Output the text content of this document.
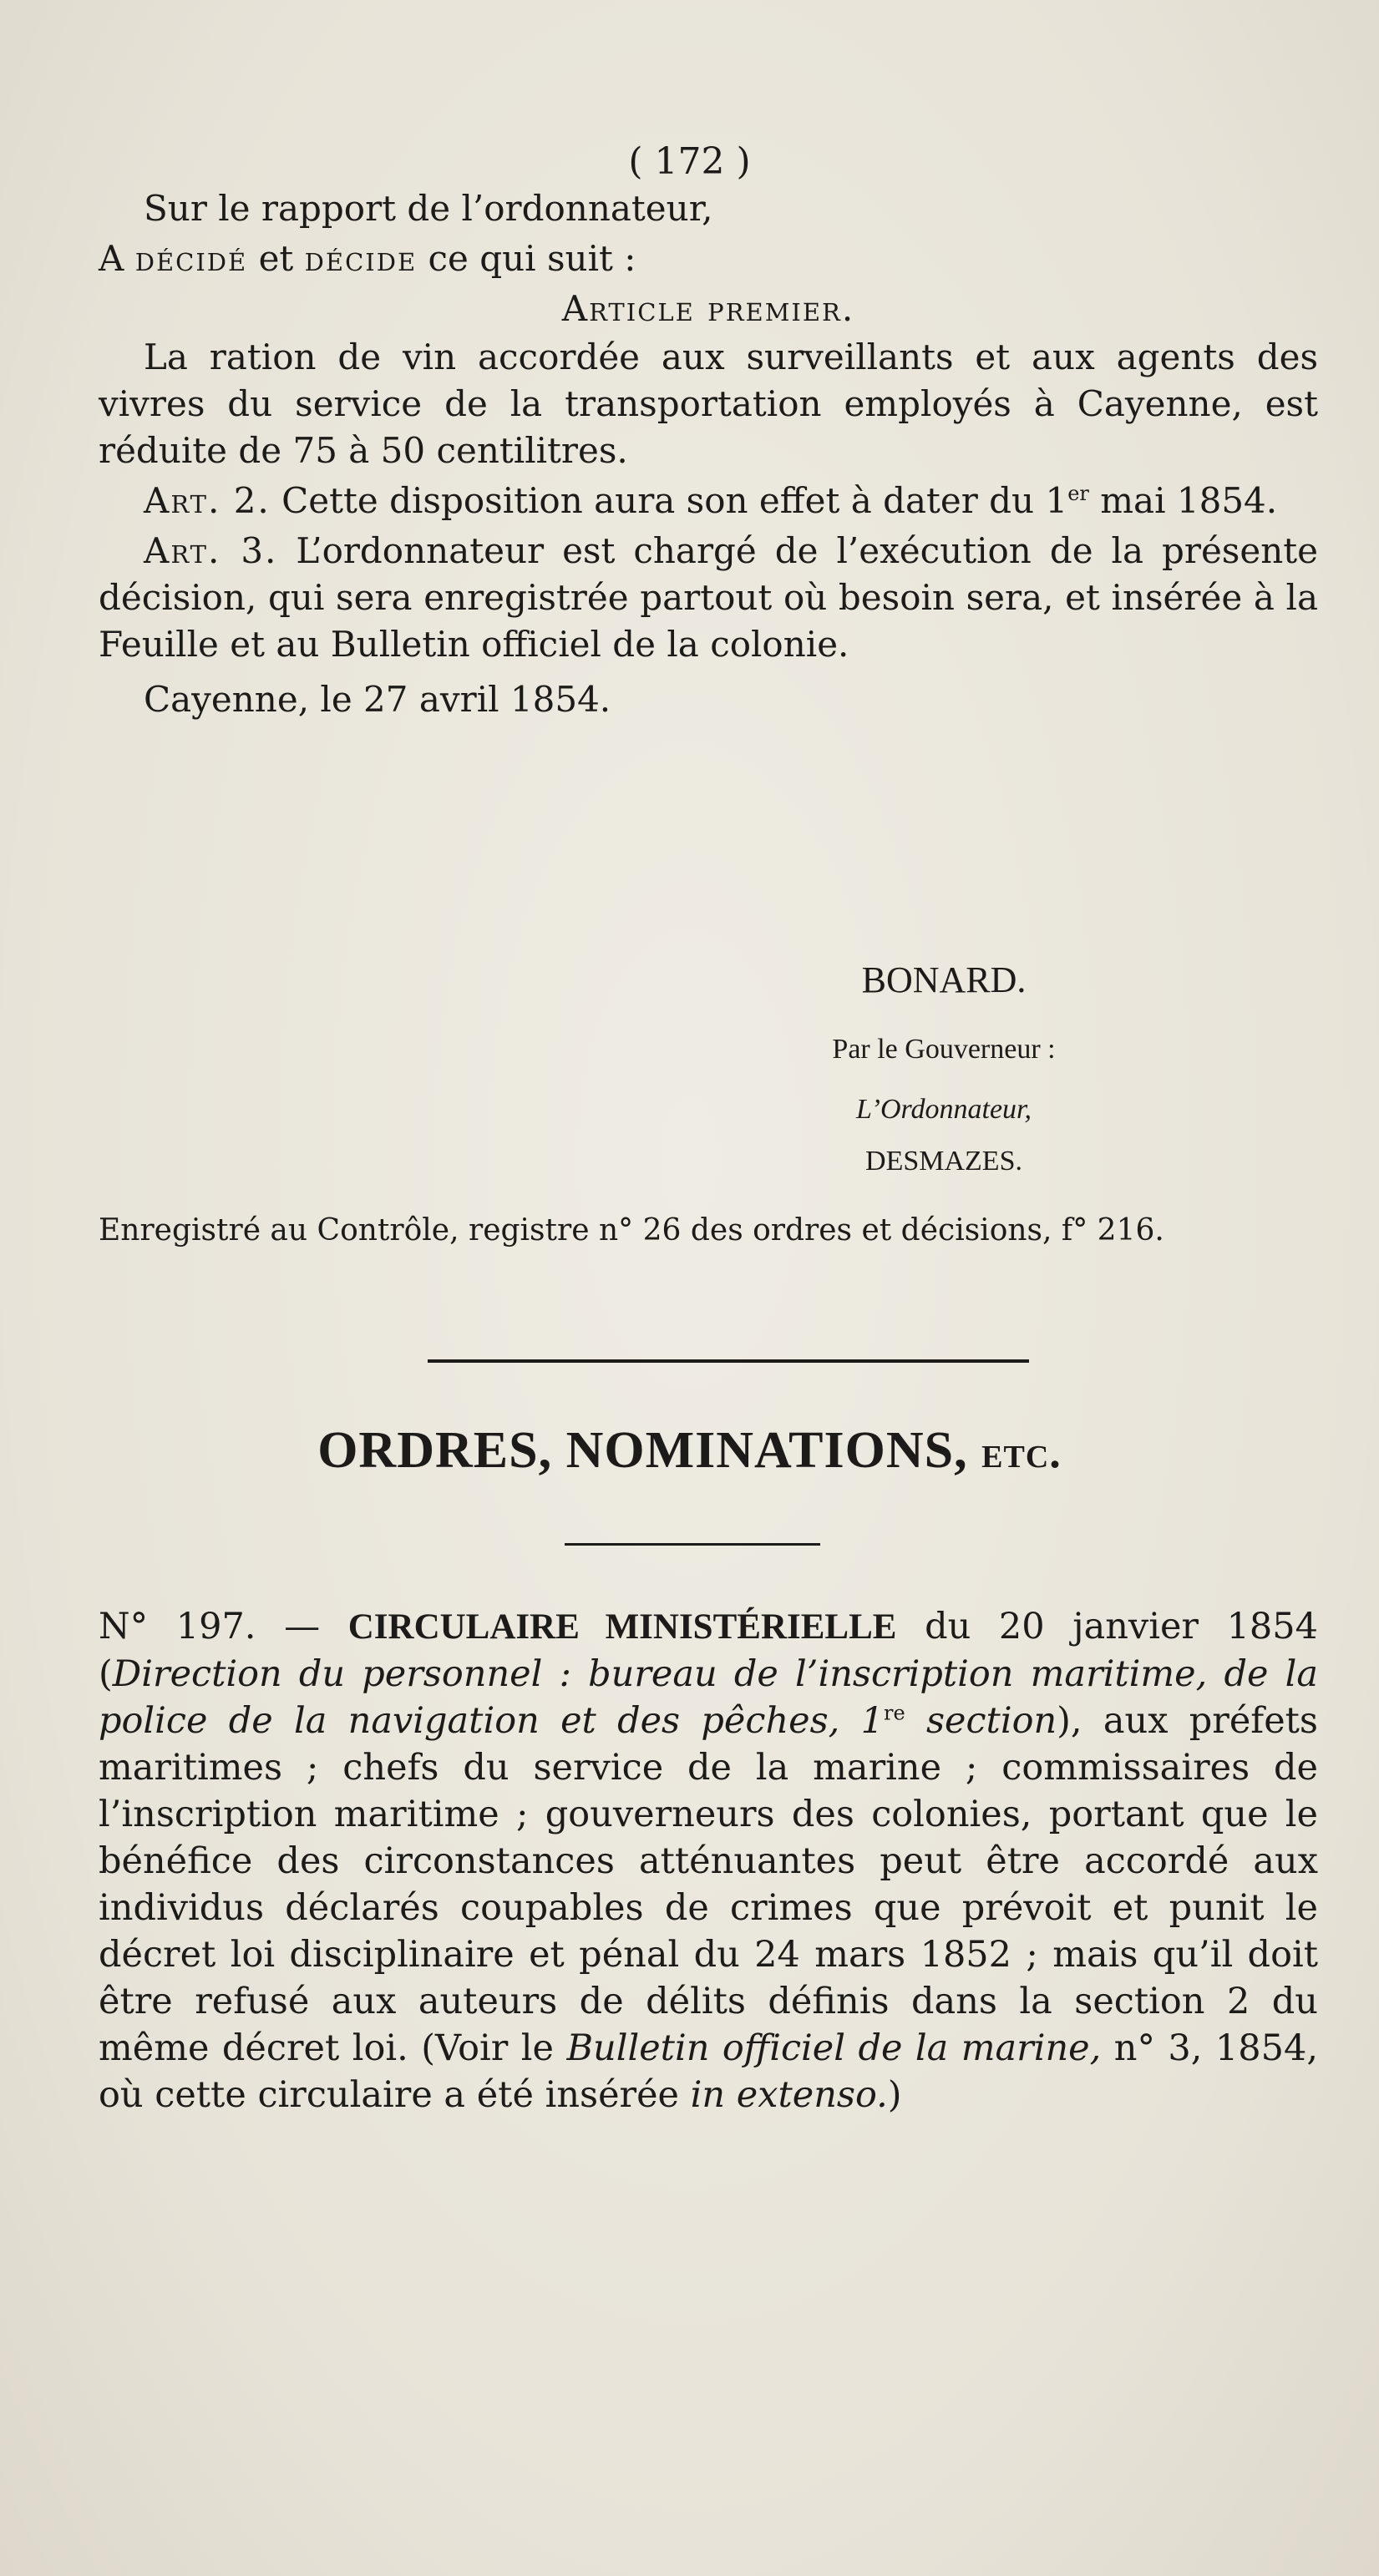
( 172 )

Sur le rapport de l’ordonnateur,

A décidé et décide ce qui suit :

Article premier.

La ration de vin accordée aux surveillants et aux agents des vivres du service de la transportation employés à Cayenne, est réduite de 75 à 50 centilitres.

Art. 2. Cette disposition aura son effet à dater du 1er mai 1854.

Art. 3. L’ordonnateur est chargé de l’exécution de la présente décision, qui sera enregistrée partout où besoin sera, et insérée à la Feuille et au Bulletin officiel de la colonie.

Cayenne, le 27 avril 1854.

BONARD.
Par le Gouverneur :
L’Ordonnateur,
DESMAZES.
Enregistré au Contrôle, registre n° 26 des ordres et décisions, f° 216.
ORDRES, NOMINATIONS, etc.

N° 197. — CIRCULAIRE MINISTÉRIELLE du 20 janvier 1854 (Direction du personnel : bureau de l’inscription maritime, de la police de la navigation et des pêches, 1re section), aux préfets maritimes ; chefs du service de la marine ; commissaires de l’inscription maritime ; gouverneurs des colonies, portant que le bénéfice des circonstances atténuantes peut être accordé aux individus déclarés coupables de crimes que prévoit et punit le décret loi disciplinaire et pénal du 24 mars 1852 ; mais qu’il doit être refusé aux auteurs de délits définis dans la section 2 du même décret loi. (Voir le Bulletin officiel de la marine, n° 3, 1854, où cette circulaire a été insérée in extenso.)
